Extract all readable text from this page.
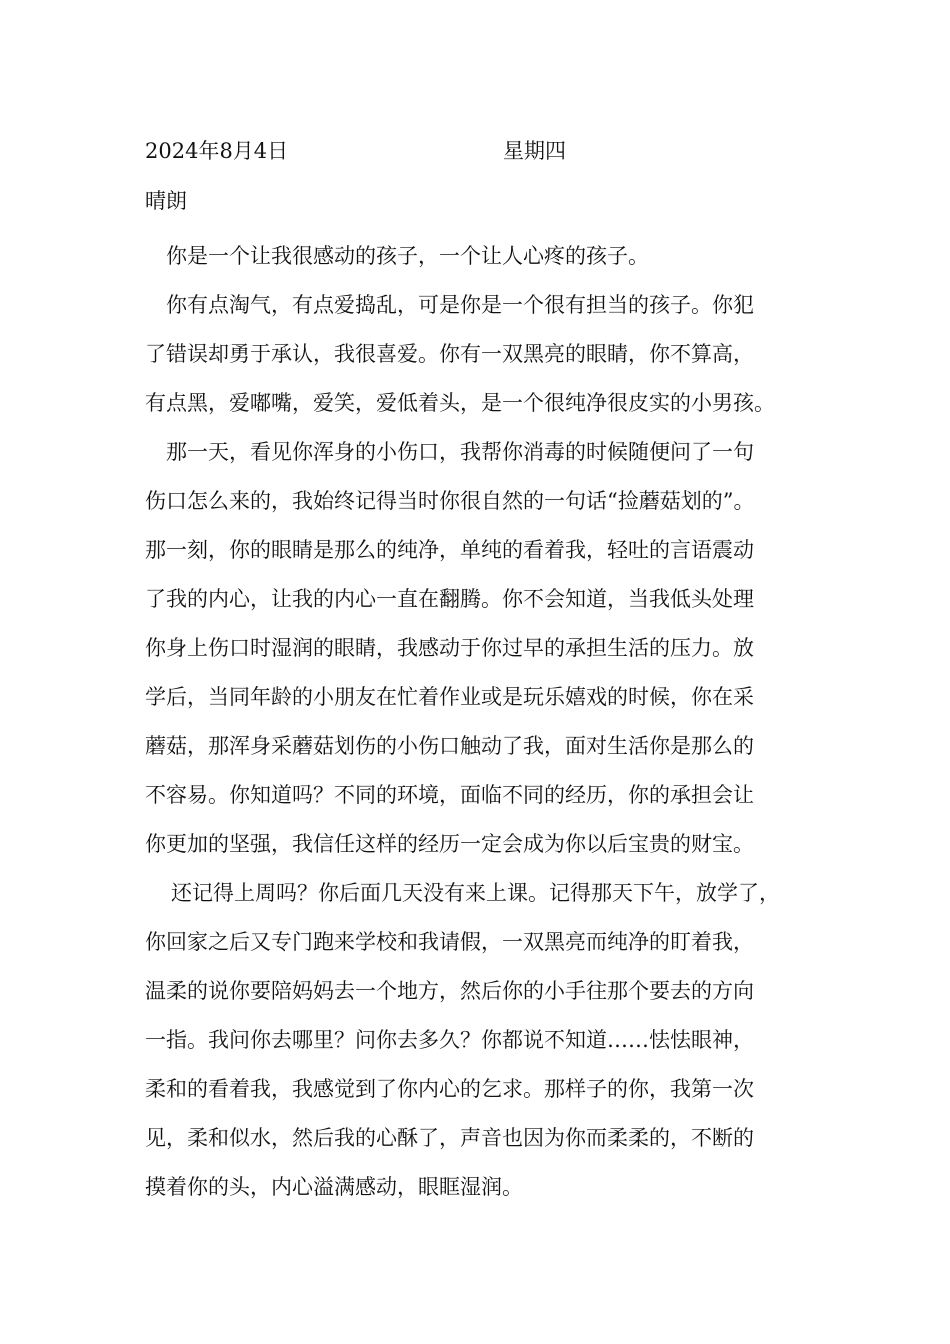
2024年8月4日	星期四
晴朗

你是一个让我很感动的孩子，一个让人心疼的孩子。

你有点淘气，有点爱捣乱，可是你是一个很有担当的孩子。你犯
了错误却勇于承认，我很喜爱。你有一双黑亮的眼睛，你不算高，
有点黑，爱嘟嘴，爱笑，爱低着头，是一个很纯净很皮实的小男孩。

那一天，看见你浑身的小伤口，我帮你消毒的时候随便问了一句
伤口怎么来的，我始终记得当时你很自然的一句话“捡蘑菇划的”。
那一刻，你的眼睛是那么的纯净，单纯的看着我，轻吐的言语震动
了我的内心，让我的内心一直在翻腾。你不会知道，当我低头处理
你身上伤口时湿润的眼睛，我感动于你过早的承担生活的压力。放
学后，当同年龄的小朋友在忙着作业或是玩乐嬉戏的时候，你在采
蘑菇，那浑身采蘑菇划伤的小伤口触动了我，面对生活你是那么的
不容易。你知道吗？不同的环境，面临不同的经历，你的承担会让
你更加的坚强，我信任这样的经历一定会成为你以后宝贵的财宝。

还记得上周吗？你后面几天没有来上课。记得那天下午，放学了，
你回家之后又专门跑来学校和我请假，一双黑亮而纯净的盯着我，
温柔的说你要陪妈妈去一个地方，然后你的小手往那个要去的方向
一指。我问你去哪里？问你去多久？你都说不知道……怯怯眼神，
柔和的看着我，我感觉到了你内心的乞求。那样子的你，我第一次
见，柔和似水，然后我的心酥了，声音也因为你而柔柔的，不断的
摸着你的头，内心溢满感动，眼眶湿润。
